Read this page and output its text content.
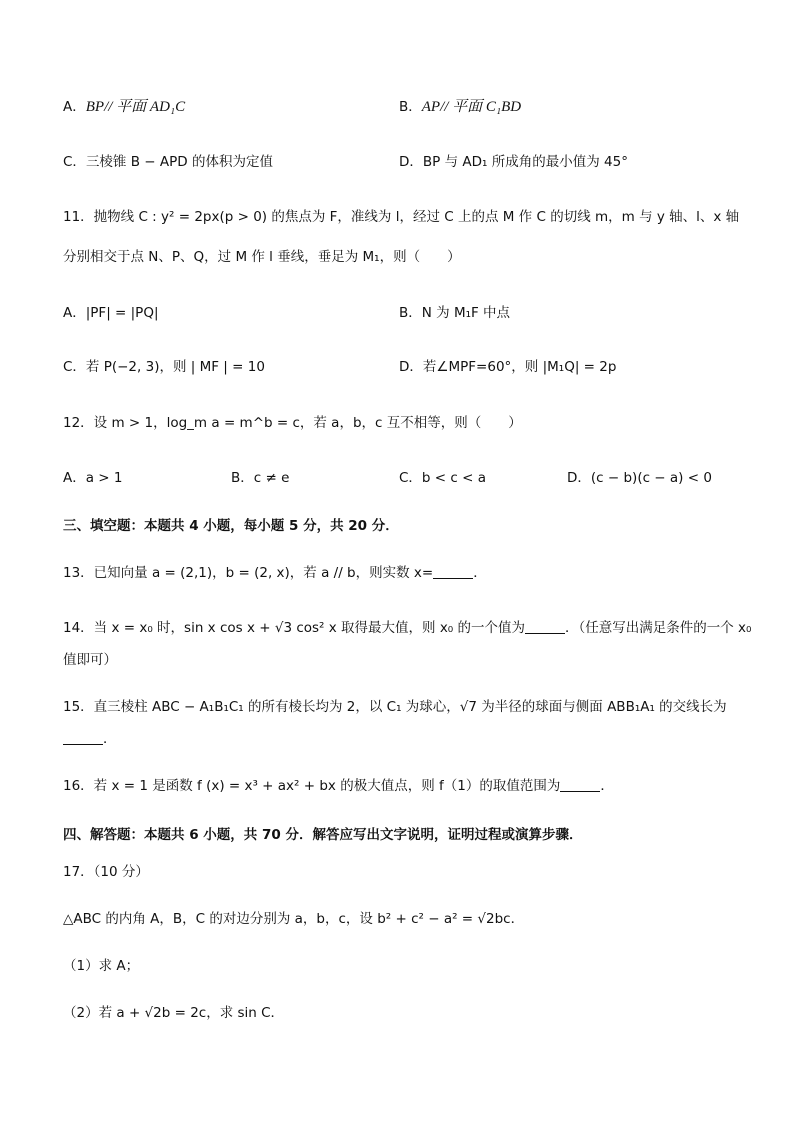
A．BP// 平面 AD₁C	B．AP// 平面 C₁BD
C．三棱锥 B − APD 的体积为定值	D．BP 与 AD₁ 所成角的最小值为 45°
11．抛物线 C : y² = 2px(p > 0) 的焦点为 F，准线为 l，经过 C 上的点 M 作 C 的切线 m，m 与 y 轴、l、x 轴
分别相交于点 N、P、Q，过 M 作 l 垂线，垂足为 M₁，则（　　）
A．|PF| = |PQ|	B．N 为 M₁F 中点
C．若 P(−2, 3)，则 | MF | = 10	D．若∠MPF=60°，则 |M₁Q| = 2p
12．设 m > 1，log_m a = m^b = c，若 a，b，c 互不相等，则（　　）
A．a > 1	B．c ≠ e	C．b < c < a	D．(c − b)(c − a) < 0
三、填空题：本题共 4 小题，每小题 5 分，共 20 分．
13．已知向量 a = (2,1)，b = (2, x)，若 a // b，则实数 x=	．
14．当 x = x₀ 时，sin x cos x + √3 cos² x 取得最大值，则 x₀ 的一个值为	．（任意写出满足条件的一个 x₀
值即可）
15．直三棱柱 ABC − A₁B₁C₁ 的所有棱长均为 2，以 C₁ 为球心，√7 为半径的球面与侧面 ABB₁A₁ 的交线长为
．
16．若 x = 1 是函数 f (x) = x³ + ax² + bx 的极大值点，则 f（1）的取值范围为	．
四、解答题：本题共 6 小题，共 70 分．解答应写出文字说明，证明过程或演算步骤．
17．（10 分）
△ABC 的内角 A，B，C 的对边分别为 a，b，c，设 b² + c² − a² = √2bc．
（1）求 A；
（2）若 a + √2b = 2c，求 sin C．
